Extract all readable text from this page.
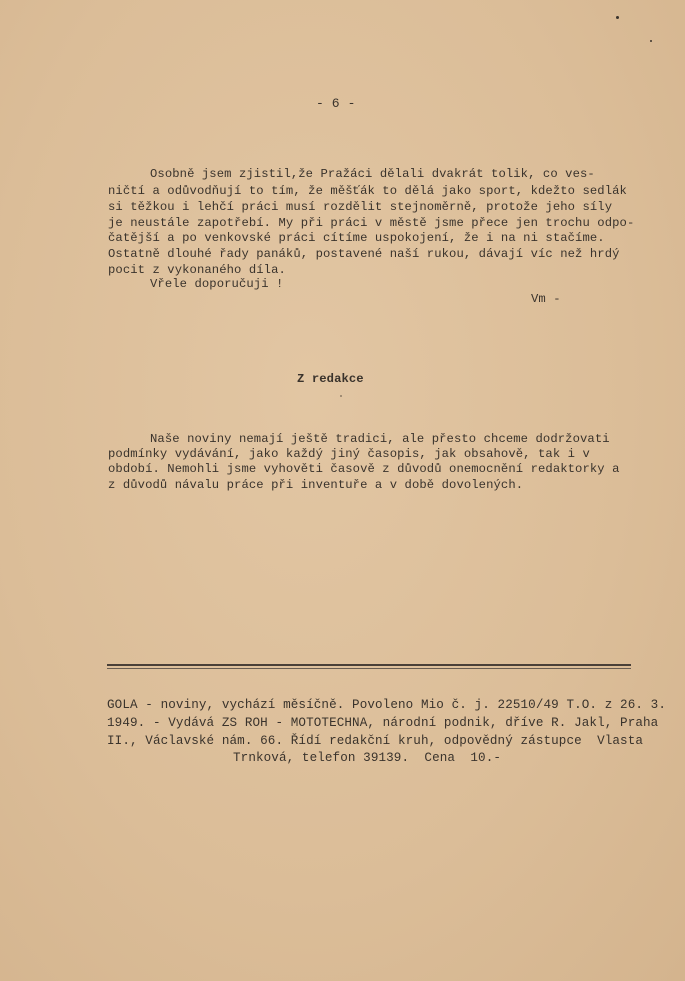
- 6 -
Osobně jsem zjistil,že Pražáci dělali dvakrát tolik, co ves-
ničtí a odůvodňují to tím, že měšťák to dělá jako sport, kdežto sedlák
si těžkou i lehčí práci musí rozdělit stejnoměrně, protože jeho síly
je neustále zapotřebí. My při práci v městě jsme přece jen trochu odpo-
čatější a po venkovské práci cítíme uspokojení, že i na ni stačíme.
Ostatně dlouhé řady panáků, postavené naší rukou, dávají víc než hrdý
pocit z vykonaného díla.
Vřele doporučuji !
Vm -
Z redakce
Naše noviny nemají ještě tradici, ale přesto chceme dodržovati
podmínky vydávání, jako každý jiný časopis, jak obsahově, tak i v
období. Nemohli jsme vyhověti časově z důvodů onemocnění redaktorky a
z důvodů návalu práce při inventuře a v době dovolených.
GOLA - noviny, vychází měsíčně. Povoleno Mio č. j. 22510/49 T.O. z 26. 3.
1949. - Vydává ZS ROH - MOTOTECHNA, národní podnik, dříve R. Jakl, Praha
II., Václavské nám. 66. Řídí redakční kruh, odpovědný zástupce  Vlasta
Trnková, telefon 39139.  Cena  10.-
